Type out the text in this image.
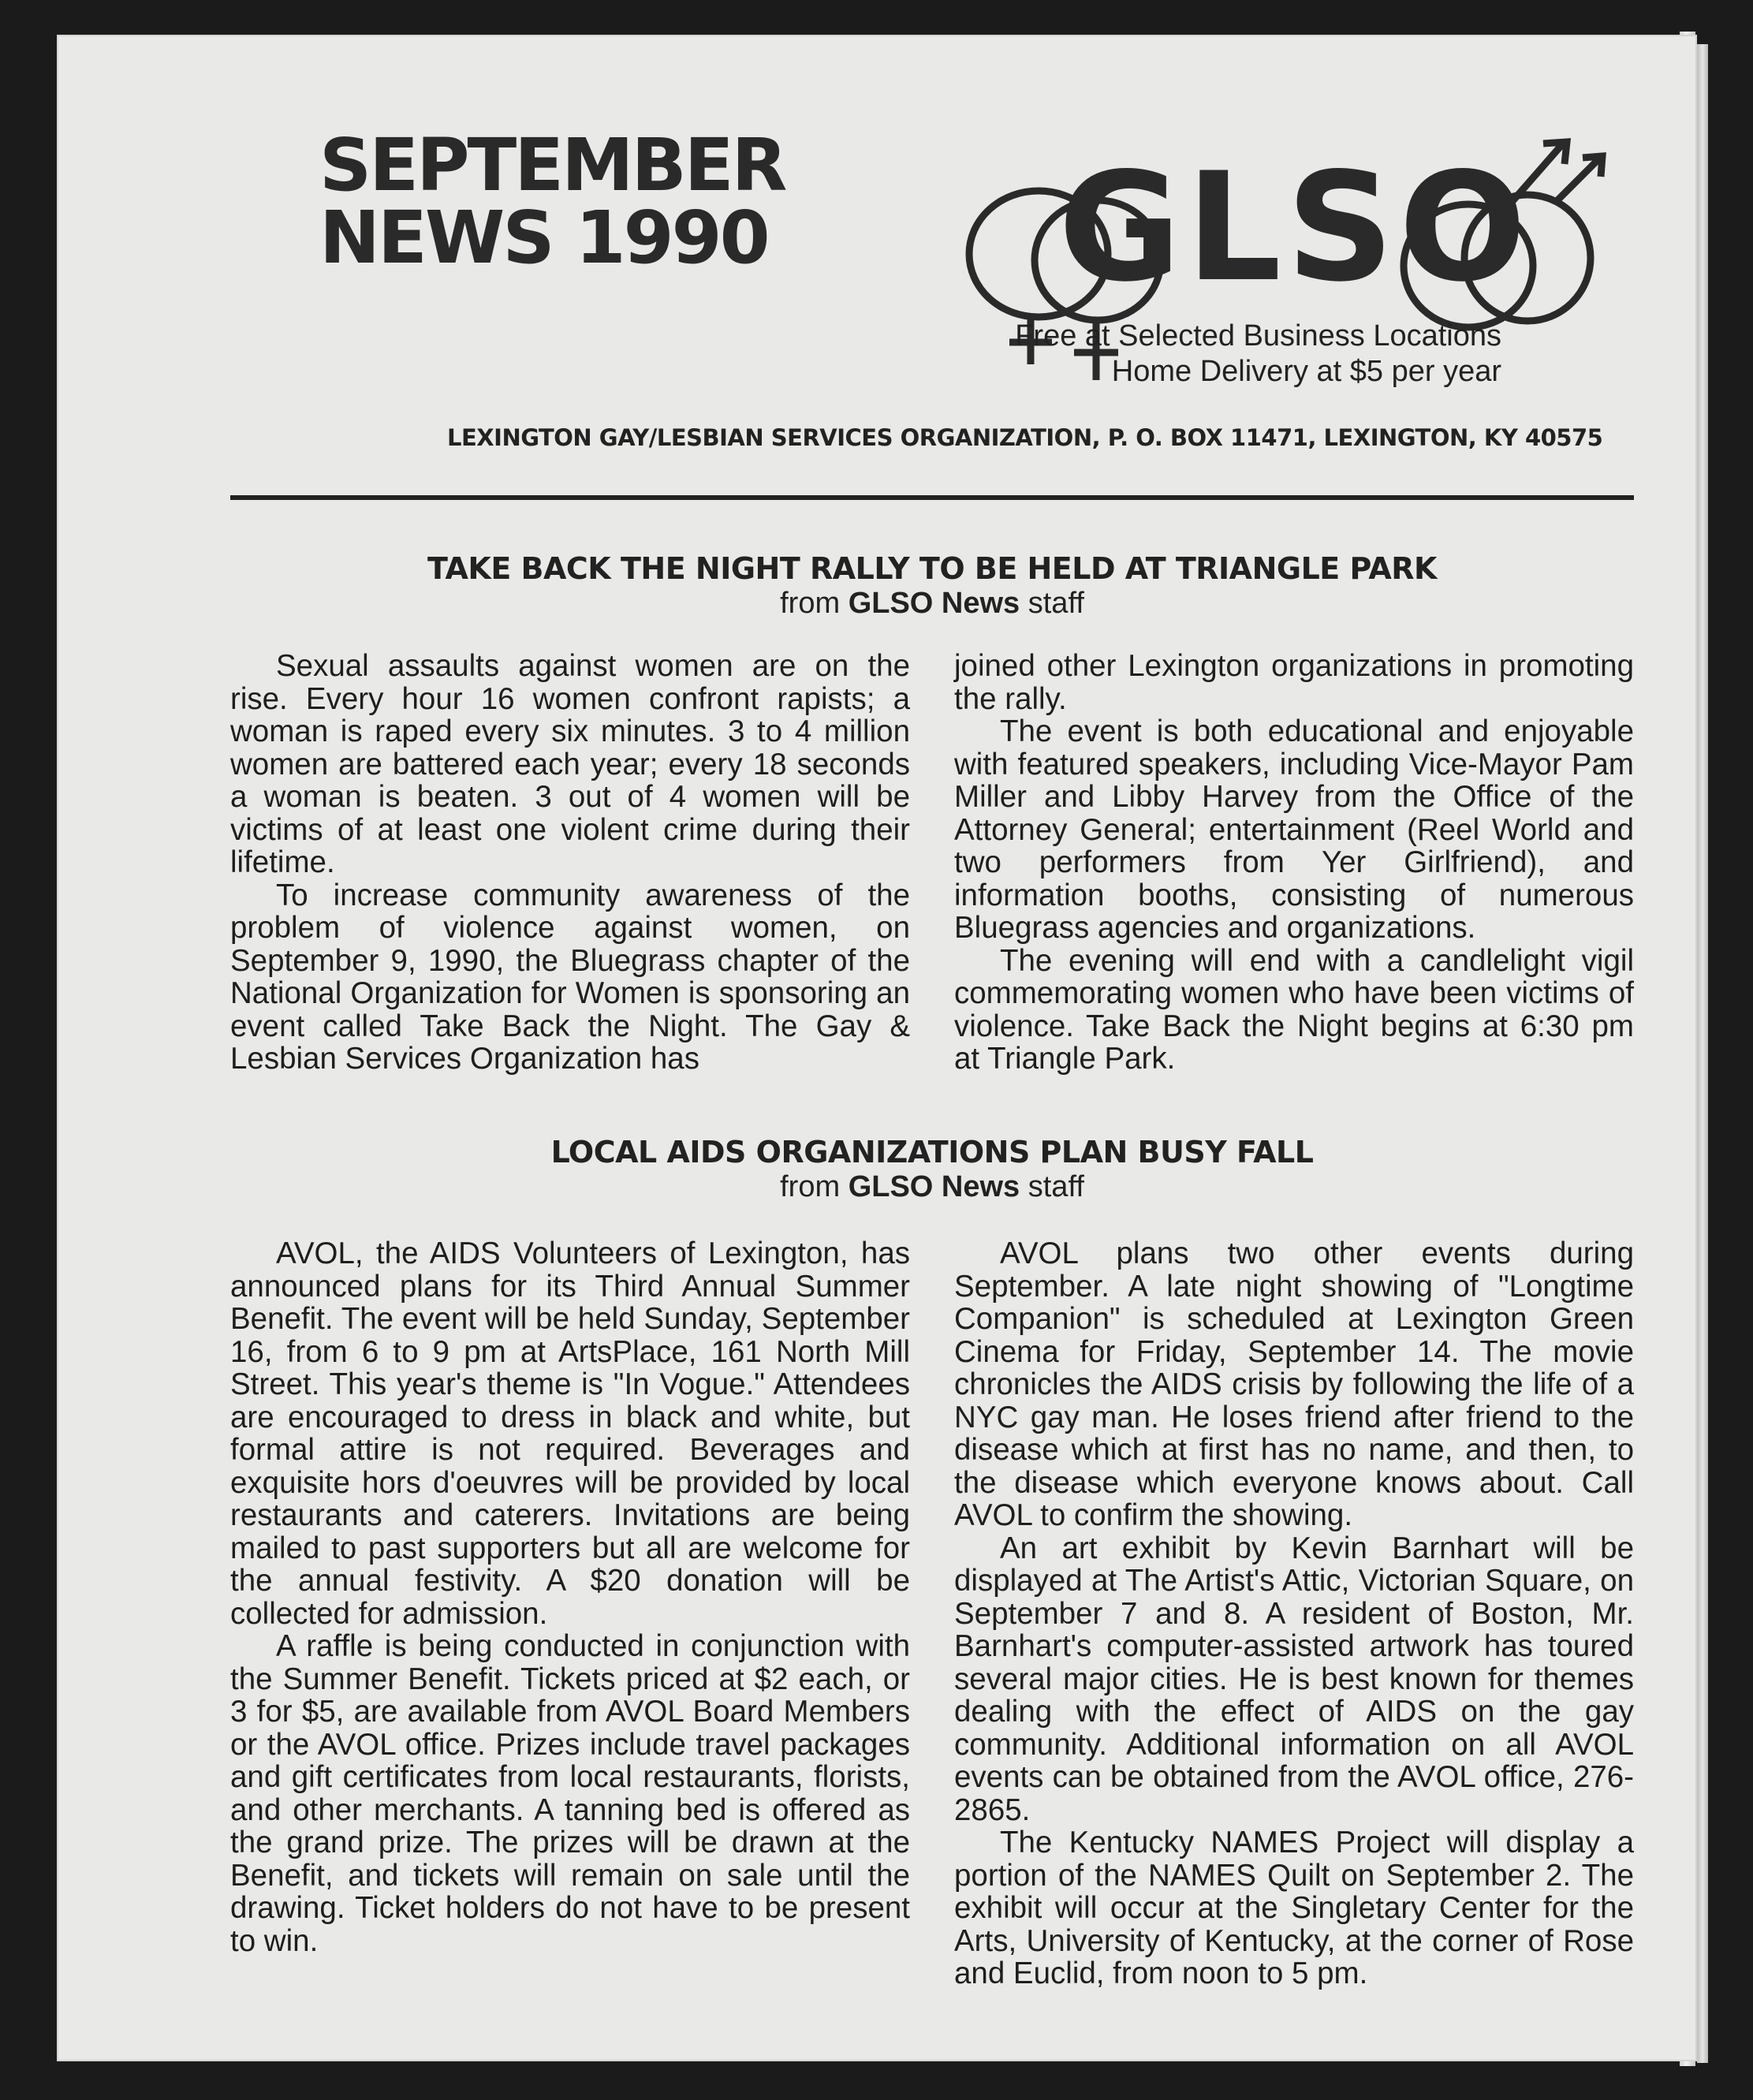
SEPTEMBER
NEWS 1990 GLSO
Free at Selected Business Locations
Home Delivery at $5 per year
LEXINGTON GAY/LESBIAN SERVICES ORGANIZATION, P. O. BOX 11471, LEXINGTON, KY 40575
TAKE BACK THE NIGHT RALLY TO BE HELD AT TRIANGLE PARK
from GLSO News staff

Sexual assaults against women are on the rise. Every hour 16 women confront rapists; a woman is raped every six minutes. 3 to 4 million women are battered each year; every 18 seconds a woman is beaten. 3 out of 4 women will be victims of at least one violent crime during their lifetime.

To increase community awareness of the problem of violence against women, on September 9, 1990, the Bluegrass chapter of the National Organization for Women is sponsoring an event called Take Back the Night. The Gay & Lesbian Services Organization has

joined other Lexington organizations in promoting the rally.

The event is both educational and enjoyable with featured speakers, including Vice-Mayor Pam Miller and Libby Harvey from the Office of the Attorney General; entertainment (Reel World and two performers from Yer Girlfriend), and information booths, consisting of numerous Bluegrass agencies and organizations.

The evening will end with a candlelight vigil commemorating women who have been victims of violence. Take Back the Night begins at 6:30 pm at Triangle Park.

LOCAL AIDS ORGANIZATIONS PLAN BUSY FALL
from GLSO News staff

AVOL, the AIDS Volunteers of Lexington, has announced plans for its Third Annual Summer Benefit. The event will be held Sunday, September 16, from 6 to 9 pm at ArtsPlace, 161 North Mill Street. This year's theme is "In Vogue." Attendees are encouraged to dress in black and white, but formal attire is not required. Beverages and exquisite hors d'oeuvres will be provided by local restaurants and caterers. Invitations are being mailed to past supporters but all are welcome for the annual festivity. A $20 donation will be collected for admission.

A raffle is being conducted in conjunction with the Summer Benefit. Tickets priced at $2 each, or 3 for $5, are available from AVOL Board Members or the AVOL office. Prizes include travel packages and gift certificates from local restaurants, florists, and other merchants. A tanning bed is offered as the grand prize. The prizes will be drawn at the Benefit, and tickets will remain on sale until the drawing. Ticket holders do not have to be present to win.

AVOL plans two other events during September. A late night showing of "Longtime Companion" is scheduled at Lexington Green Cinema for Friday, September 14. The movie chronicles the AIDS crisis by following the life of a NYC gay man. He loses friend after friend to the disease which at first has no name, and then, to the disease which everyone knows about. Call AVOL to confirm the showing.

An art exhibit by Kevin Barnhart will be displayed at The Artist's Attic, Victorian Square, on September 7 and 8. A resident of Boston, Mr. Barnhart's computer-assisted artwork has toured several major cities. He is best known for themes dealing with the effect of AIDS on the gay community. Additional information on all AVOL events can be obtained from the AVOL office, 276-2865.

The Kentucky NAMES Project will display a portion of the NAMES Quilt on September 2. The exhibit will occur at the Singletary Center for the Arts, University of Kentucky, at the corner of Rose and Euclid, from noon to 5 pm.
